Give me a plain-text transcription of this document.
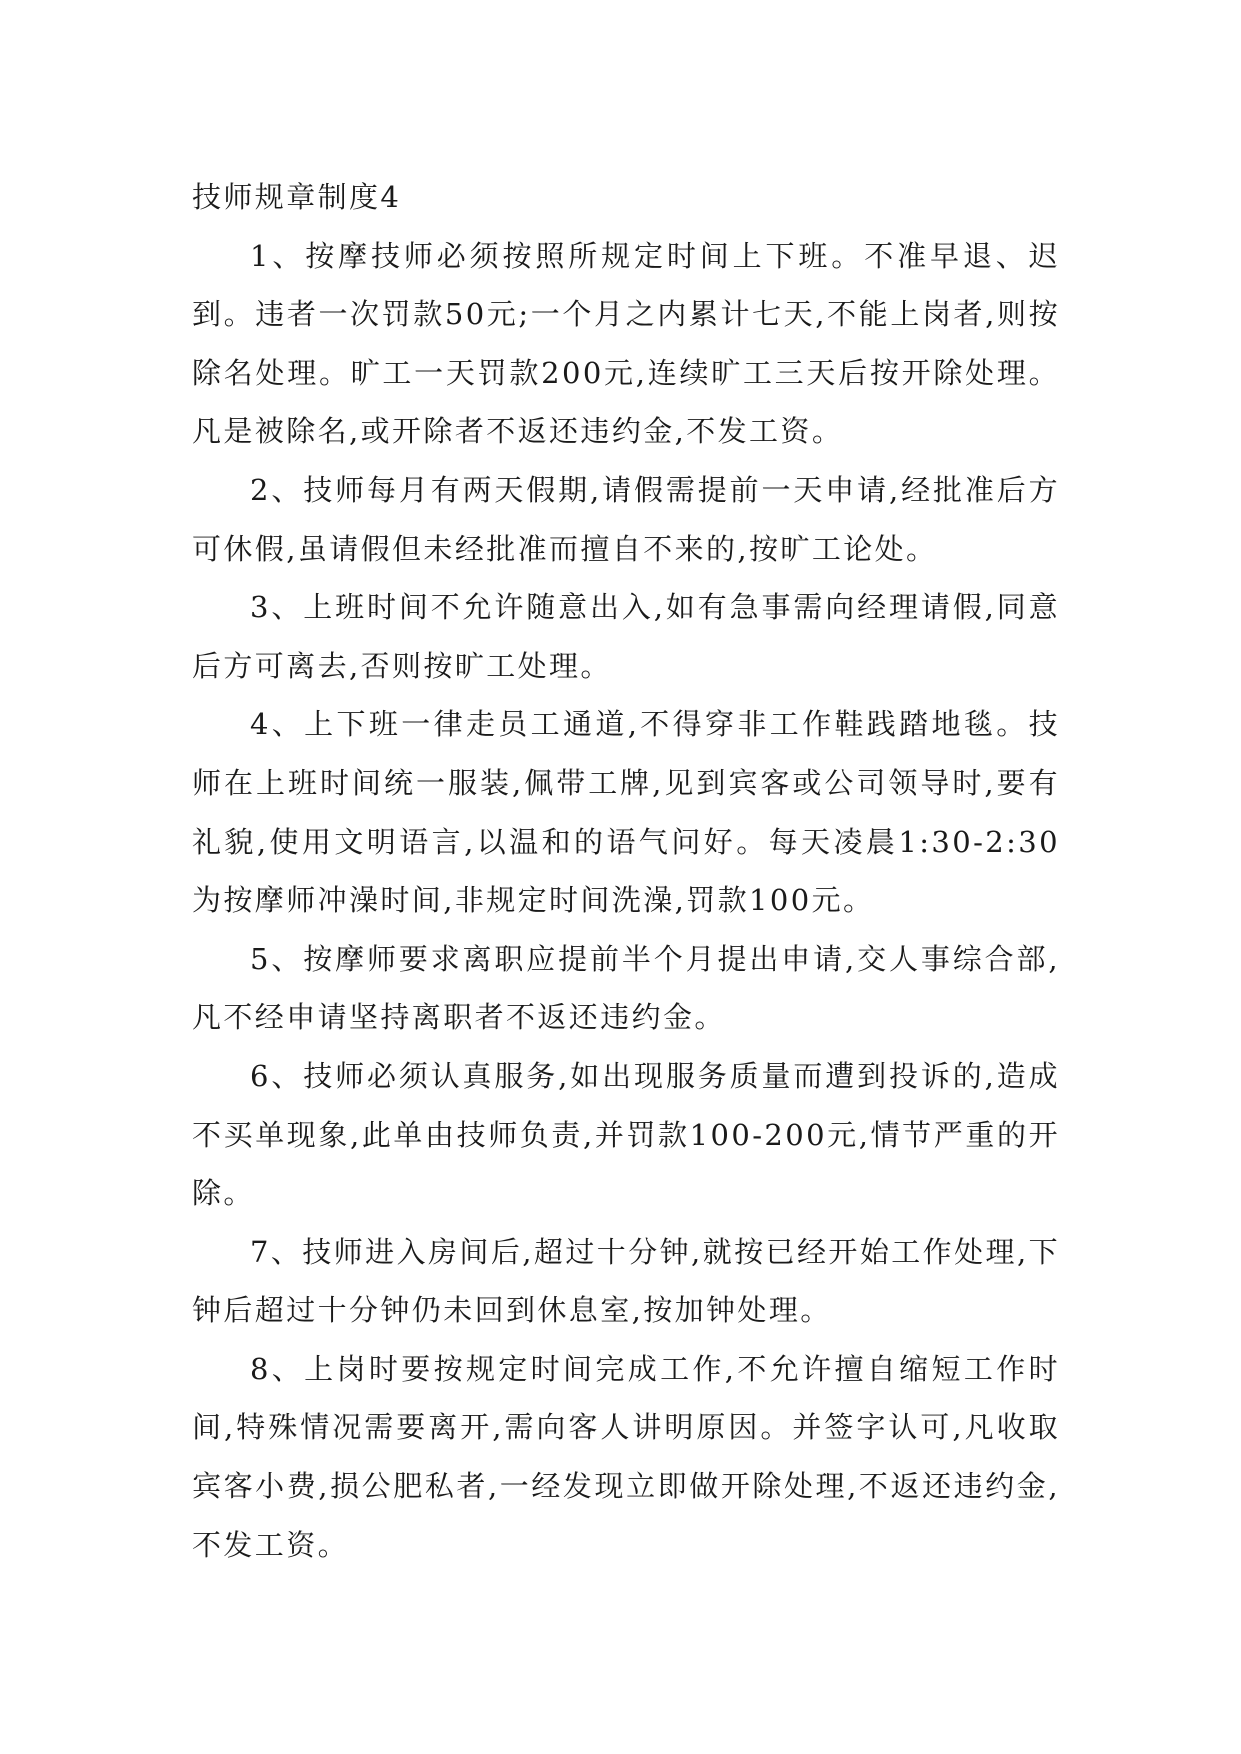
技师规章制度4

1、按摩技师必须按照所规定时间上下班。不准早退、迟到。违者一次罚款50元;一个月之内累计七天,不能上岗者,则按除名处理。旷工一天罚款200元,连续旷工三天后按开除处理。凡是被除名,或开除者不返还违约金,不发工资。

2、技师每月有两天假期,请假需提前一天申请,经批准后方可休假,虽请假但未经批准而擅自不来的,按旷工论处。

3、上班时间不允许随意出入,如有急事需向经理请假,同意后方可离去,否则按旷工处理。

4、上下班一律走员工通道,不得穿非工作鞋践踏地毯。技师在上班时间统一服装,佩带工牌,见到宾客或公司领导时,要有礼貌,使用文明语言,以温和的语气问好。每天凌晨1:30-2:30为按摩师冲澡时间,非规定时间洗澡,罚款100元。

5、按摩师要求离职应提前半个月提出申请,交人事综合部,凡不经申请坚持离职者不返还违约金。

6、技师必须认真服务,如出现服务质量而遭到投诉的,造成不买单现象,此单由技师负责,并罚款100-200元,情节严重的开除。

7、技师进入房间后,超过十分钟,就按已经开始工作处理,下钟后超过十分钟仍未回到休息室,按加钟处理。

8、上岗时要按规定时间完成工作,不允许擅自缩短工作时间,特殊情况需要离开,需向客人讲明原因。并签字认可,凡收取宾客小费,损公肥私者,一经发现立即做开除处理,不返还违约金,不发工资。
